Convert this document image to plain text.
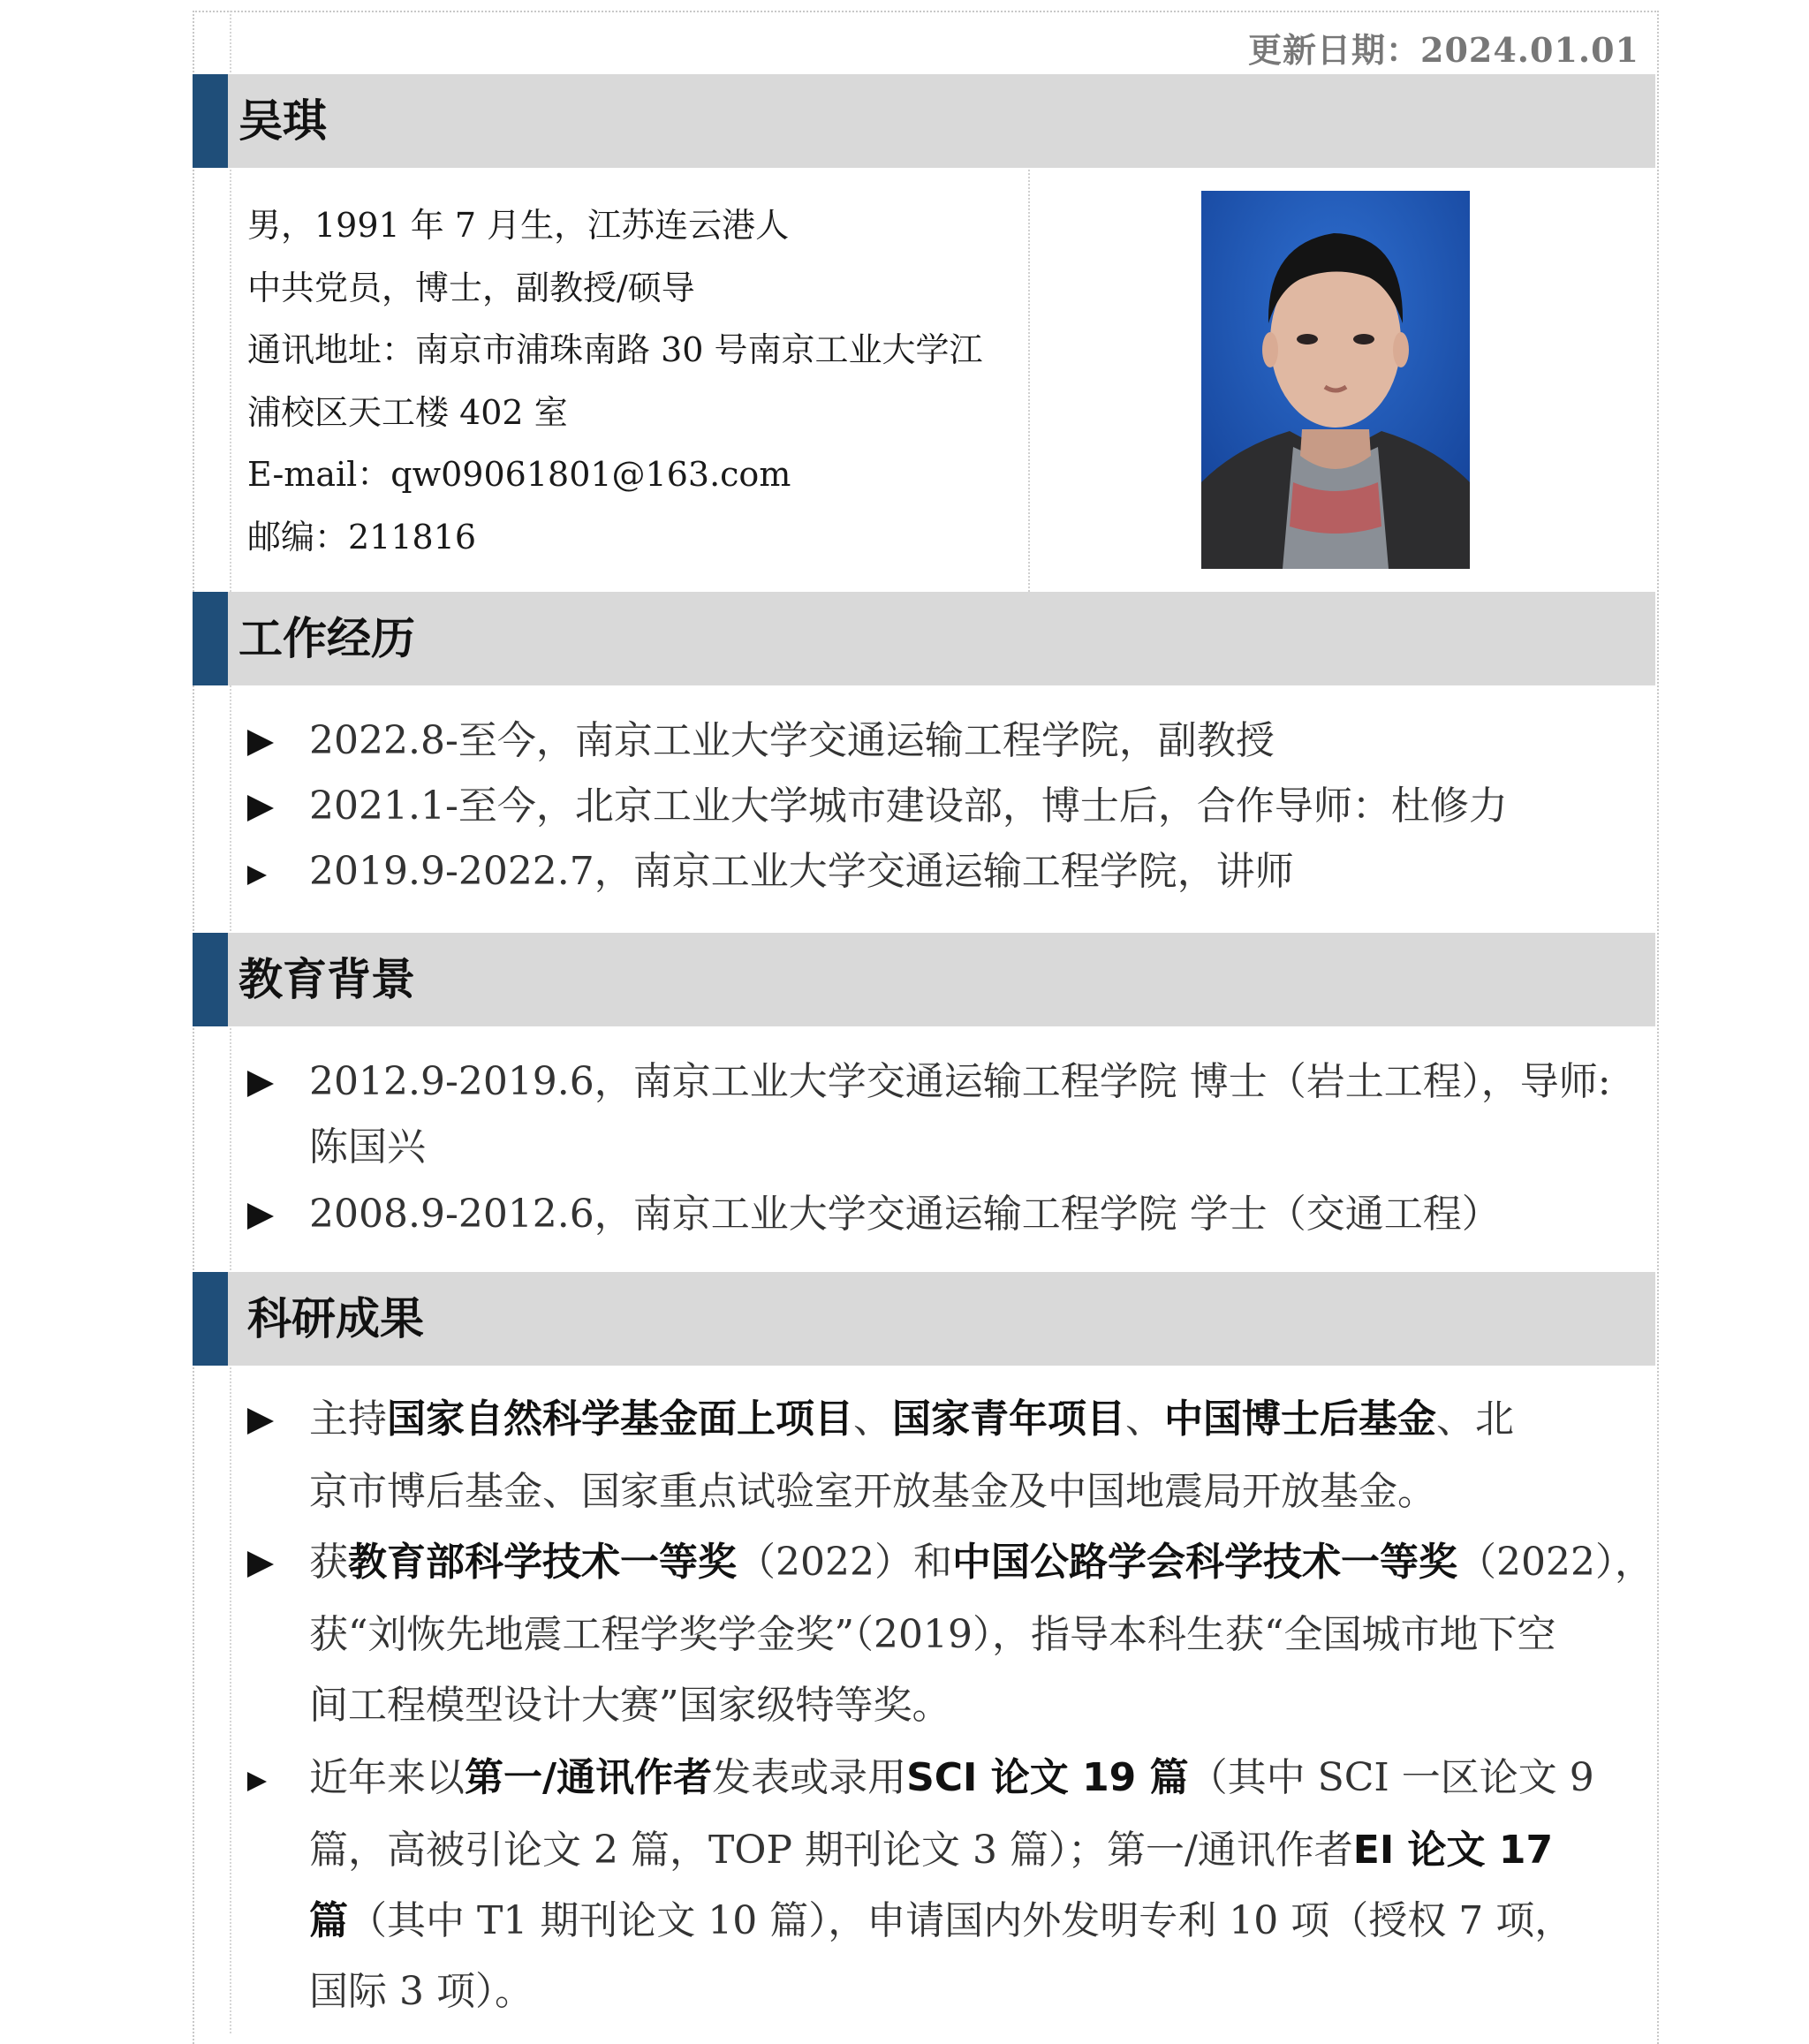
更新日期：2024.01.01
吴琪
男，1991 年 7 月生，江苏连云港人
中共党员，博士，副教授/硕导
通讯地址：南京市浦珠南路 30 号南京工业大学江
浦校区天工楼 402 室
E-mail：qw09061801@163.com
邮编：211816
工作经历
2022.8-至今，南京工业大学交通运输工程学院，副教授
2021.1-至今，北京工业大学城市建设部，博士后，合作导师：杜修力
2019.9-2022.7，南京工业大学交通运输工程学院，讲师
教育背景
2012.9-2019.6，南京工业大学交通运输工程学院 博士（岩土工程），导师:
陈国兴
2008.9-2012.6，南京工业大学交通运输工程学院 学士（交通工程）
科研成果
主持国家自然科学基金面上项目、国家青年项目、中国博士后基金、北
京市博后基金、国家重点试验室开放基金及中国地震局开放基金。
获教育部科学技术一等奖（2022）和中国公路学会科学技术一等奖（2022），
获“刘恢先地震工程学奖学金奖”（2019），指导本科生获“全国城市地下空
间工程模型设计大赛”国家级特等奖。
近年来以第一/通讯作者发表或录用SCI 论文 19 篇（其中 SCI 一区论文 9
篇，高被引论文 2 篇，TOP 期刊论文 3 篇）；第一/通讯作者EI 论文 17
篇（其中 T1 期刊论文 10 篇），申请国内外发明专利 10 项（授权 7 项，
国际 3 项）。
